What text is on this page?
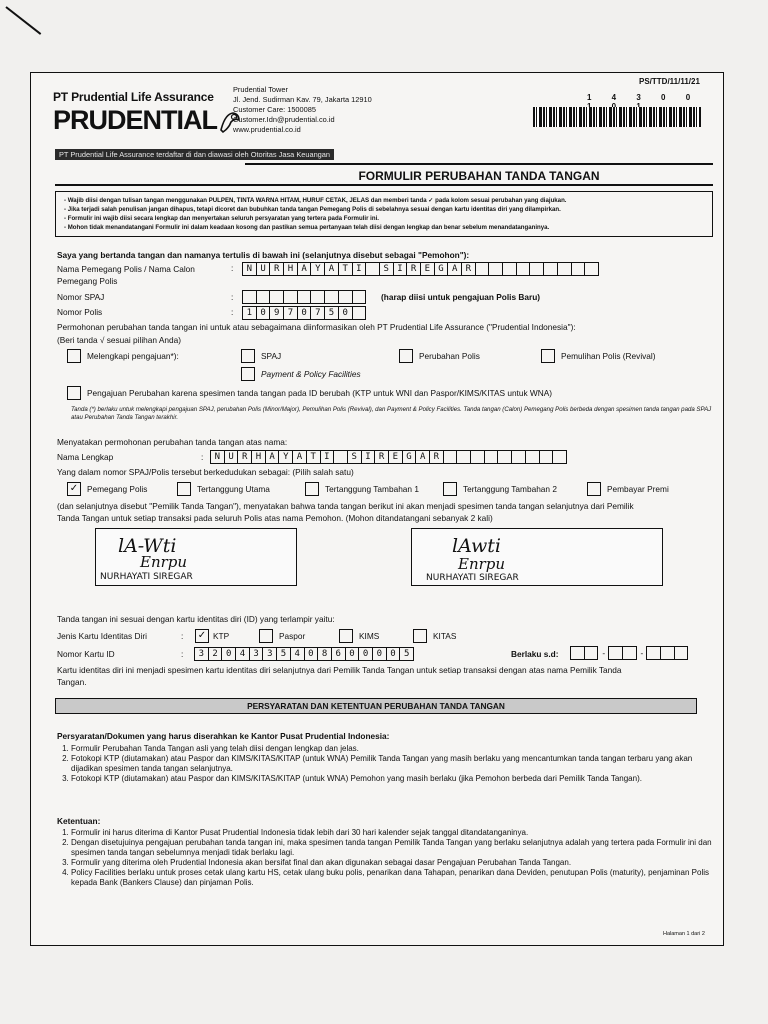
PS/TTD/11/11/21
PT Prudential Life Assurance
PRUDENTIAL
Prudential Tower
Jl. Jend. Sudirman Kav. 79, Jakarta 12910
Customer Care: 1500085
Customer.Idn@prudential.co.id
www.prudential.co.id
1 4 3 0 0
PT Prudential Life Assurance terdaftar di dan diawasi oleh Otoritas Jasa Keuangan
FORMULIR PERUBAHAN TANDA TANGAN
- Wajib diisi dengan tulisan tangan menggunakan PULPEN, TINTA WARNA HITAM, HURUF CETAK, JELAS dan memberi tanda ✓ pada kolom sesuai perubahan yang diajukan.
- Jika terjadi salah penulisan jangan dihapus, tetapi dicoret dan bubuhkan tanda tangan Pemegang Polis di sebelahnya sesuai dengan kartu identitas diri yang dilampirkan.
- Formulir ini wajib diisi secara lengkap dan menyertakan seluruh persyaratan yang tertera pada Formulir ini.
- Mohon tidak menandatangani Formulir ini dalam keadaan kosong dan pastikan semua pertanyaan telah diisi dengan lengkap dan benar sebelum menandatanganinya.
Saya yang bertanda tangan dan namanya tertulis di bawah ini (selanjutnya disebut sebagai "Pemohon"):
Nama Pemegang Polis / Nama Calon
Pemegang Polis
:	N U R H A Y A T I	S I R E G A R
Nomor SPAJ	:	(harap diisi untuk pengajuan Polis Baru)
Nomor Polis	:	1 0 9 7 0 7 5 0
Permohonan perubahan tanda tangan ini untuk atau sebagaimana diinformasikan oleh PT Prudential Life Assurance ("Prudential Indonesia"):
(Beri tanda √ sesuai pilihan Anda)
Melengkapi pengajuan*):	SPAJ	Perubahan Polis	Pemulihan Polis (Revival)
Payment & Policy Facilities
Pengajuan Perubahan karena spesimen tanda tangan pada ID berubah (KTP untuk WNI dan Paspor/KIMS/KITAS untuk WNA)
Tanda (*) berlaku untuk melengkapi pengajuan SPAJ, perubahan Polis (Minor/Major), Pemulihan Polis (Revival), dan Payment & Policy Facilities. Tanda tangan (Calon) Pemegang Polis berbeda dengan spesimen tanda tangan pada SPAJ atau Perubahan Tanda Tangan terakhir.
Menyatakan permohonan perubahan tanda tangan atas nama:
Nama Lengkap	:	N U R H A Y A T I	S I R E G A R
Yang dalam nomor SPAJ/Polis tersebut berkedudukan sebagai: (Pilih salah satu)
✓	Pemegang Polis	Tertanggung Utama	Tertanggung Tambahan 1	Tertanggung Tambahan 2	Pembayar Premi
(dan selanjutnya disebut "Pemilik Tanda Tangan"), menyatakan bahwa tanda tangan berikut ini akan menjadi spesimen tanda tangan selanjutnya dari Pemilik
Tanda Tangan untuk setiap transaksi pada seluruh Polis atas nama Pemohon. (Mohon ditandatangani sebanyak 2 kali)
lA-Wti
Enrpu
NURHAYATI SIREGAR
lAwti
Enrpu
NURHAYATI SIREGAR
Tanda tangan ini sesuai dengan kartu identitas diri (ID) yang terlampir yaitu:
Jenis Kartu Identitas Diri	: ✓ KTP	Paspor	KIMS	KITAS
Nomor Kartu ID	:	3 2 0 4 3 3 5 4 0 8 6 0 0 0 0 5	Berlaku s.d:	-	-
Kartu identitas diri ini menjadi spesimen kartu identitas diri selanjutnya dari Pemilik Tanda Tangan untuk setiap transaksi dengan atas nama Pemilik Tanda
Tangan.
PERSYARATAN DAN KETENTUAN PERUBAHAN TANDA TANGAN
Persyaratan/Dokumen yang harus diserahkan ke Kantor Pusat Prudential Indonesia:
1. Formulir Perubahan Tanda Tangan asli yang telah diisi dengan lengkap dan jelas.
2. Fotokopi KTP (diutamakan) atau Paspor dan KIMS/KITAS/KITAP (untuk WNA) Pemilik Tanda Tangan yang masih berlaku yang mencantumkan tanda tangan terbaru yang akan dijadikan spesimen tanda tangan selanjutnya.
3. Fotokopi KTP (diutamakan) atau Paspor dan KIMS/KITAS/KITAP (untuk WNA) Pemohon yang masih berlaku (jika Pemohon berbeda dari Pemilik Tanda Tangan).
Ketentuan:
1. Formulir ini harus diterima di Kantor Pusat Prudential Indonesia tidak lebih dari 30 hari kalender sejak tanggal ditandatanganinya.
2. Dengan disetujuinya pengajuan perubahan tanda tangan ini, maka spesimen tanda tangan Pemilik Tanda Tangan yang berlaku selanjutnya adalah yang tertera pada Formulir ini dan spesimen tanda tangan sebelumnya menjadi tidak berlaku lagi.
3. Formulir yang diterima oleh Prudential Indonesia akan bersifat final dan akan digunakan sebagai dasar Pengajuan Perubahan Tanda Tangan.
4. Policy Facilities berlaku untuk proses cetak ulang kartu HS, cetak ulang buku polis, penarikan dana Tahapan, penarikan dana Deviden, penutupan Polis (maturity), penjaminan Polis kepada Bank (Bankers Clause) dan pinjaman Polis.
Halaman 1 dari 2
